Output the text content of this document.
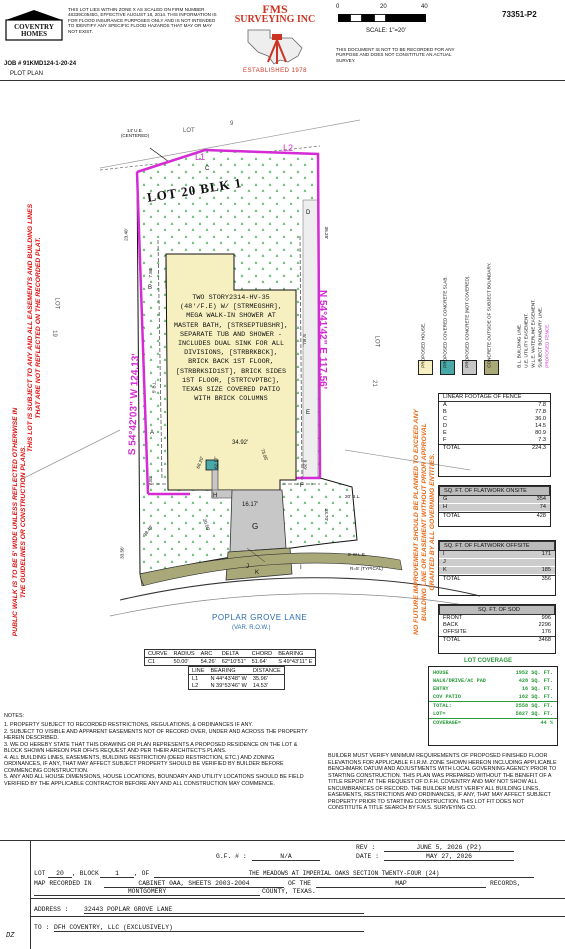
COVENTRY HOMES
THIS LOT LIES WITHIN ZONE X AS SCALED ON FIRM NUMBER 48339C0545G, EFFECTIVE AUGUST 18, 2014. THIS INFORMATION IS FOR FLOOD INSURANCE PURPOSES ONLY AND IS NOT INTENDED TO IDENTIFY ANY SPECIFIC FLOOD HAZARDS THAT MAY OR MAY NOT EXIST.
JOB # 91KMD124-1-20-24
PLOT PLAN
FMS
SURVEYING INC
ESTABLISHED 1978
0	20	40
SCALE: 1"=20'
73351-P2
THIS DOCUMENT IS NOT TO BE RECORDED FOR ANY PURPOSE AND DOES NOT CONSTITUTE AN ACTUAL SURVEY.
LOT 20 BLK 1
LOT
9
LOT
21
LOT
19
14' U.E. (CENTERED)
L1
L2
S 54°42'03" W 124.13'
N 54°41'42" E 117.56'
23.40'	36.28'
7.80'
34.92'
68.20' 62.17'
73.05'
7.81'
9.29'
16.17'
20.50'
23.70'
33.56'
38.45'
5' B.L.
5' B.L.
20' B.L.
5' W.L.E.
C
B
A
D
E
F
H
G
J
K
I
TWO STORY2314-HV-35 (48'/F.E) W/ [STRMEGSHR], MEGA WALK-IN SHOWER AT MASTER BATH, [STRSEPTUBSHR], SEPARATE TUB AND SHOWER - INCLUDES DUAL SINK FOR ALL DIVISIONS, [STRBRKBCK], BRICK BACK 1ST FLOOR, [STRBRKSID1ST], BRICK SIDES 1ST FLOOR, [STRTCVPTBC], TEXAS SIZE COVERED PATIO WITH BRICK COLUMNS
R=5' (TYPICAL)
POPLAR GROVE LANE
(VAR. R.O.W.)
THIS LOT IS SUBJECT TO ANY AND ALL EASEMENTS AND BUILDING LINES THAT ARE NOT REFLECTED ON THE RECORDED PLAT.
PUBLIC WALK IS TO BE 5' WIDE UNLESS REFLECTED OTHERWISE IN THE GUIDELINES OR CONSTRUCTION PLANS.	NO FUTURE IMPROVEMENT SHOULD BE PLANNED TO EXCEED ANY BUILDING LINE OR EASEMENT WITHOUT PRIOR APPROVAL GRANTED BY ALL GOVERNING ENTITIES.
PROPOSED HOUSE.	PROPOSED COVERED CONCRETE SLAB.	PROPOSED CONCRETE (NOT COVERED).	CONCRETE OUTSIDE OF SUBJECT BOUNDARY.	B.L. BUILDING LINE. U.E. UTILITY EASEMENT. W.L.E. WATERLINE EASEMENT. SUBJECT BOUNDARY LINE. PROPOSED FENCE.
LINEAR FOOTAGE OF FENCE
A	7.8
B	77.8
C	36.0
D	14.5
E	80.9
F	7.3
TOTAL	224.3
SQ. FT. OF FLATWORK ONSITE
G	354
H	74
TOTAL	428
SQ. FT. OF FLATWORK OFFSITE
I	171
J
K	185
TOTAL	356
SQ. FT. OF SOD
FRONT	996
BACK	2296
OFFSITE	176
TOTAL	3468
LOT COVERAGE
HOUSE	1952 SQ. FT.
WALK/DRIVE/AC PAD	428 SQ. FT.
ENTRY	16 SQ. FT.
COV PATIO	162 SQ. FT.
TOTAL:	2558 SQ. FT.
LOT=	5827 SQ. FT.
COVERAGE=	44 %
CURVE	RADIUS	ARC	DELTA	CHORD	BEARING
C1	50.00'	54.26'	62°10'51"	51.64'	S 49°43'11" E
LINE	BEARING	DISTANCE
L1	N 44°43'48" W	35.96'
L2	N 39°53'46" W	14.53'
NOTES:
1. PROPERTY SUBJECT TO RECORDED RESTRICTIONS, REGULATIONS, & ORDINANCES IF ANY.
2. SUBJECT TO VISIBLE AND APPARENT EASEMENTS NOT OF RECORD OVER, UNDER AND ACROSS THE PROPERTY HEREIN DESCRIBED.
3. WE DO HEREBY STATE THAT THIS DRAWING OR PLAN REPRESENTS A PROPOSED RESIDENCE ON THE LOT & BLOCK SHOWN HEREON PER DFH'S REQUEST AND PER THEIR ARCHITECT'S PLANS.
4. ALL BUILDING LINES, EASEMENTS, BUILDING RESTRICTION (DEED RESTRICTION, ETC.) AND ZONING ORDINANCES, IF ANY, THAT MAY AFFECT SUBJECT PROPERTY SHOULD BE VERIFIED BY BUILDER BEFORE COMMENCING CONSTRUCTION.
5. ANY AND ALL HOUSE DIMENSIONS, HOUSE LOCATIONS, BOUNDARY AND UTILITY LOCATIONS SHOULD BE FIELD VERIFIED BY THE APPLICABLE CONTRACTOR BEFORE ANY AND ALL CONSTRUCTION MAY COMMENCE.
BUILDER MUST VERIFY MINIMUM REQUIREMENTS OF PROPOSED FINISHED FLOOR ELEVATIONS FOR APPLICABLE F.I.R.M. ZONE SHOWN HEREON INCLUDING APPLICABLE BENCHMARK DATUM AND ADJUSTMENTS WITH LOCAL GOVERNING AGENCY PRIOR TO STARTING CONSTRUCTION. THIS PLAN WAS PREPARED WITHOUT THE BENEFIT OF A TITLE REPORT AT THE REQUEST OF D.F.H. COVENTRY AND MAY NOT SHOW ALL ENCUMBRANCES OF RECORD. THE BUILDER MUST VERIFY ALL BUILDING LINES, EASEMENTS, RESTRICTIONS AND ORDINANCES, IF ANY, THAT MAY AFFECT SUBJECT PROPERTY PRIOR TO STARTING CONSTRUCTION. THIS LOT FIT DOES NOT CONSTITUTE A TITLE SEARCH BY F.M.S. SURVEYING CO.
REV :	JUNE 5, 2026 (P2)
G.F. # :	N/A	DATE :	MAY 27, 2026
LOT	20	, BLOCK	1	, OF	THE MEADOWS AT IMPERIAL OAKS SECTION TWENTY-FOUR (24)
MAP RECORDED IN	CABINET 0AA, SHEETS 2003-2004	OF THE	MAP	RECORDS,
MONTGOMERY	COUNTY, TEXAS.
ADDRESS : 32443 POPLAR GROVE LANE
TO : DFH COVENTRY, LLC (EXCLUSIVELY)
DZ
